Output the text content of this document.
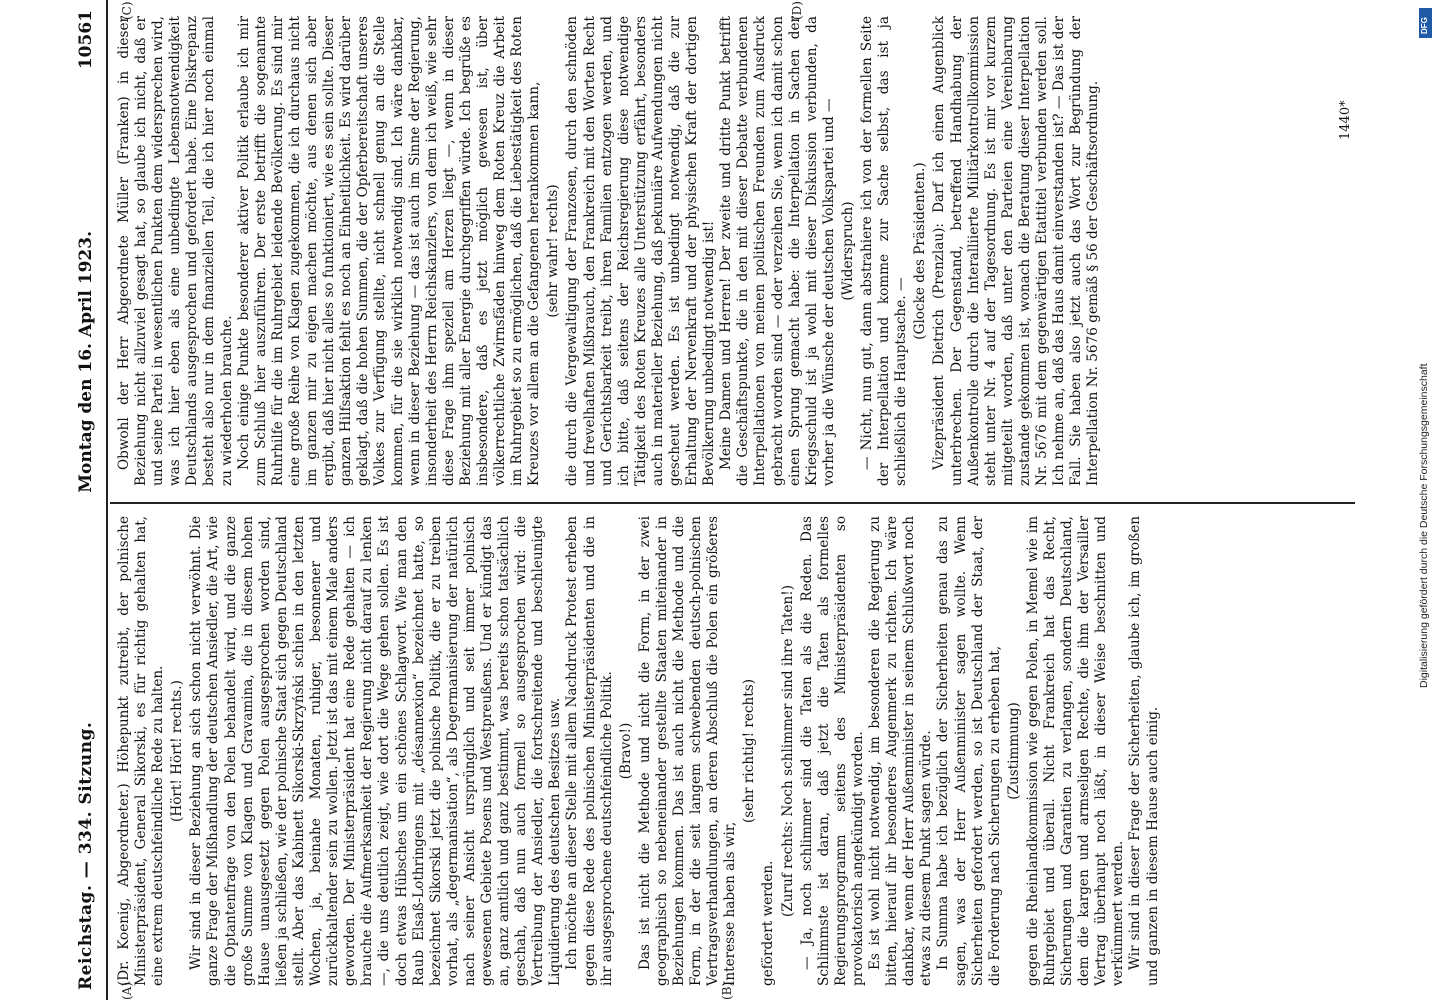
Reichstag. — 334. Sitzung.
Montag den 16. April 1923.  10561
(A)	(B)
(C)	(D)

(Dr. Koenig, Abgeordneter.) Höhepunkt zutreibt, der polnische Ministerpräsident, General Sikorski, es für richtig gehalten hat, eine extrem deutschfeindliche Rede zu halten. (Hört! Hört! rechts.) Wir sind in dieser Beziehung an sich schon nicht verwöhnt. Die ganze Frage der Mißhandlung der deutschen Ansiedler, die Art, wie die Optantenfrage von den Polen behandelt wird, und die ganze große Summe von Klagen und Gravamina, die in diesem hohen Hause unausgesetzt gegen Polen ausgesprochen worden sind, ließen ja schließen, wie der polnische Staat sich gegen Deutschland stellt. Aber das Kabinett Sikorski-Skrzyński schien in den letzten Wochen, ja, beinahe Monaten, ruhiger, besonnener und zurückhaltender sein zu wollen. Jetzt ist das mit einem Male anders geworden. Der Ministerpräsident hat eine Rede gehalten — ich brauche die Aufmerksamkeit der Regierung nicht darauf zu lenken —, die uns deutlich zeigt, wie dort die Wege gehen sollen. Es ist doch etwas Hübsches um ein schönes Schlagwort. Wie man den Raub Elsaß-Lothringens mit „désannexion“ bezeichnet hatte, so bezeichnet Sikorski jetzt die polnische Politik, die er zu treiben vorhat, als „degermanisation“, als Degermanisierung der natürlich nach seiner Ansicht ursprünglich und seit immer polnisch gewesenen Gebiete Posens und Westpreußens. Und er kündigt das an, ganz amtlich und ganz bestimmt, was bereits schon tatsächlich geschah, daß nun auch formell so ausgesprochen wird: die Vertreibung der Ansiedler, die fortschreitende und beschleunigte Liquidierung des deutschen Besitzes usw. Ich möchte an dieser Stelle mit allem Nachdruck Protest erheben gegen diese Rede des polnischen Ministerpräsidenten und die in ihr ausgesprochene deutschfeindliche Politik. (Bravo!) Das ist nicht die Methode und nicht die Form, in der zwei geographisch so nebeneinander gestellte Staaten miteinander in Beziehungen kommen. Das ist auch nicht die Methode und die Form, in der die seit langem schwebenden deutsch-polnischen Vertragsverhandlungen, an deren Abschluß die Polen ein größeres Interesse haben als wir,

(sehr richtig! rechts)

gefördert werden.

(Zuruf rechts: Noch schlimmer sind ihre Taten!) — Ja, noch schlimmer sind die Taten als die Reden. Das Schlimmste ist daran, daß jetzt die Taten als formelles Regierungsprogramm seitens des Ministerpräsidenten so provokatorisch angekündigt worden. Es ist wohl nicht notwendig, im besonderen die Regierung zu bitten, hierauf ihr besonderes Augenmerk zu richten. Ich wäre dankbar, wenn der Herr Außenminister in seinem Schlußwort noch etwas zu diesem Punkt sagen würde. In Summa habe ich bezüglich der Sicherheiten genau das zu sagen, was der Herr Außenminister sagen wollte. Wenn Sicherheiten gefordert werden, so ist Deutschland der Staat, der die Forderung nach Sicherungen zu erheben hat, (Zustimmung) gegen die Rheinlandkommission wie gegen Polen, in Memel wie im Ruhrgebiet und überall. Nicht Frankreich hat das Recht, Sicherungen und Garantien zu verlangen, sondern Deutschland, dem die kargen und armseligen Rechte, die ihm der Versailler Vertrag überhaupt noch läßt, in dieser Weise beschnitten und verkümmert werden. Wir sind in dieser Frage der Sicherheiten, glaube ich, im großen und ganzen in diesem Hause auch einig.

Obwohl der Herr Abgeordnete Müller (Franken) in dieser Beziehung nicht allzuviel gesagt hat, so glaube ich nicht, daß er und seine Partei in wesentlichen Punkten dem widersprechen wird, was ich hier eben als eine unbedingte Lebensnotwendigkeit Deutschlands ausgesprochen und gefordert habe. Eine Diskrepanz besteht also nur in dem finanziellen Teil, die ich hier noch einmal zu wiederholen brauche. Noch einige Punkte besonderer aktiver Politik erlaube ich mir zum Schluß hier auszuführen. Der erste betrifft die sogenannte Ruhrhilfe für die im Ruhrgebiet leidende Bevölkerung. Es sind mir eine große Reihe von Klagen zugekommen, die ich durchaus nicht im ganzen mir zu eigen machen möchte, aus denen sich aber ergibt, daß hier nicht alles so funktioniert, wie es sein sollte. Dieser ganzen Hilfsaktion fehlt es noch an Einheitlichkeit. Es wird darüber geklagt, daß die hohen Summen, die der Opferbereitschaft unseres Volkes zur Verfügung stellte, nicht schnell genug an die Stelle kommen, für die sie wirklich notwendig sind. Ich wäre dankbar, wenn in dieser Beziehung — das ist auch im Sinne der Regierung, insonderheit des Herrn Reichskanzlers, von dem ich weiß, wie sehr diese Frage ihm speziell am Herzen liegt —, wenn in dieser Beziehung mit aller Energie durchgegriffen würde. Ich begrüße es insbesondere, daß es jetzt möglich gewesen ist, über völkerrechtliche Zwirnsfäden hinweg dem Roten Kreuz die Arbeit im Ruhrgebiet so zu ermöglichen, daß die Liebestätigkeit des Roten Kreuzes vor allem an die Gefangenen herankommen kann, (sehr wahr! rechts) die durch die Vergewaltigung der Franzosen, durch den schnöden und frevelhaften Mißbrauch, den Frankreich mit den Worten Recht und Gerichtsbarkeit treibt, ihren Familien entzogen werden, und ich bitte, daß seitens der Reichsregierung diese notwendige Tätigkeit des Roten Kreuzes alle Unterstützung erfährt, besonders auch in materieller Beziehung, daß pekuniäre Aufwendungen nicht gescheut werden. Es ist unbedingt notwendig, daß die zur Erhaltung der Nervenkraft und der physischen Kraft der dortigen Bevölkerung unbedingt notwendig ist! Meine Damen und Herren! Der zweite und dritte Punkt betrifft die Geschäftspunkte, die in den mit dieser Debatte verbundenen Interpellationen von meinen politischen Freunden zum Ausdruck gebracht worden sind — oder verzeihen Sie, wenn ich damit schon einen Sprung gemacht habe: die Interpellation in Sachen der Kriegsschuld ist ja wohl mit dieser Diskussion verbunden, da vorher ja die Wünsche der deutschen Volkspartei und — (Widerspruch) — Nicht, nun gut, dann abstrahiere ich von der formellen Seite der Interpellation und komme zur Sache selbst, das ist ja schließlich die Hauptsache. —

(Glocke des Präsidenten.) Vizepräsident Dietrich (Prenzlau): Darf ich einen Augenblick unterbrechen. Der Gegenstand, betreffend Handhabung der Außenkontrolle durch die Interalliierte Militärkontrollkommission steht unter Nr. 4 auf der Tagesordnung. Es ist mir vor kurzem mitgeteilt worden, daß unter den Parteien eine Vereinbarung zustande gekommen ist, wonach die Beratung dieser Interpellation Nr. 5676 mit dem gegenwärtigen Etattitel verbunden werden soll. Ich nehme an, daß das Haus damit einverstanden ist? — Das ist der Fall. Sie haben also jetzt auch das Wort zur Begründung der Interpellation Nr. 5676 gemäß § 56 der Geschäftsordnung.	1440*
DFG
Digitalisierung gefördert durch die Deutsche Forschungsgemeinschaft
